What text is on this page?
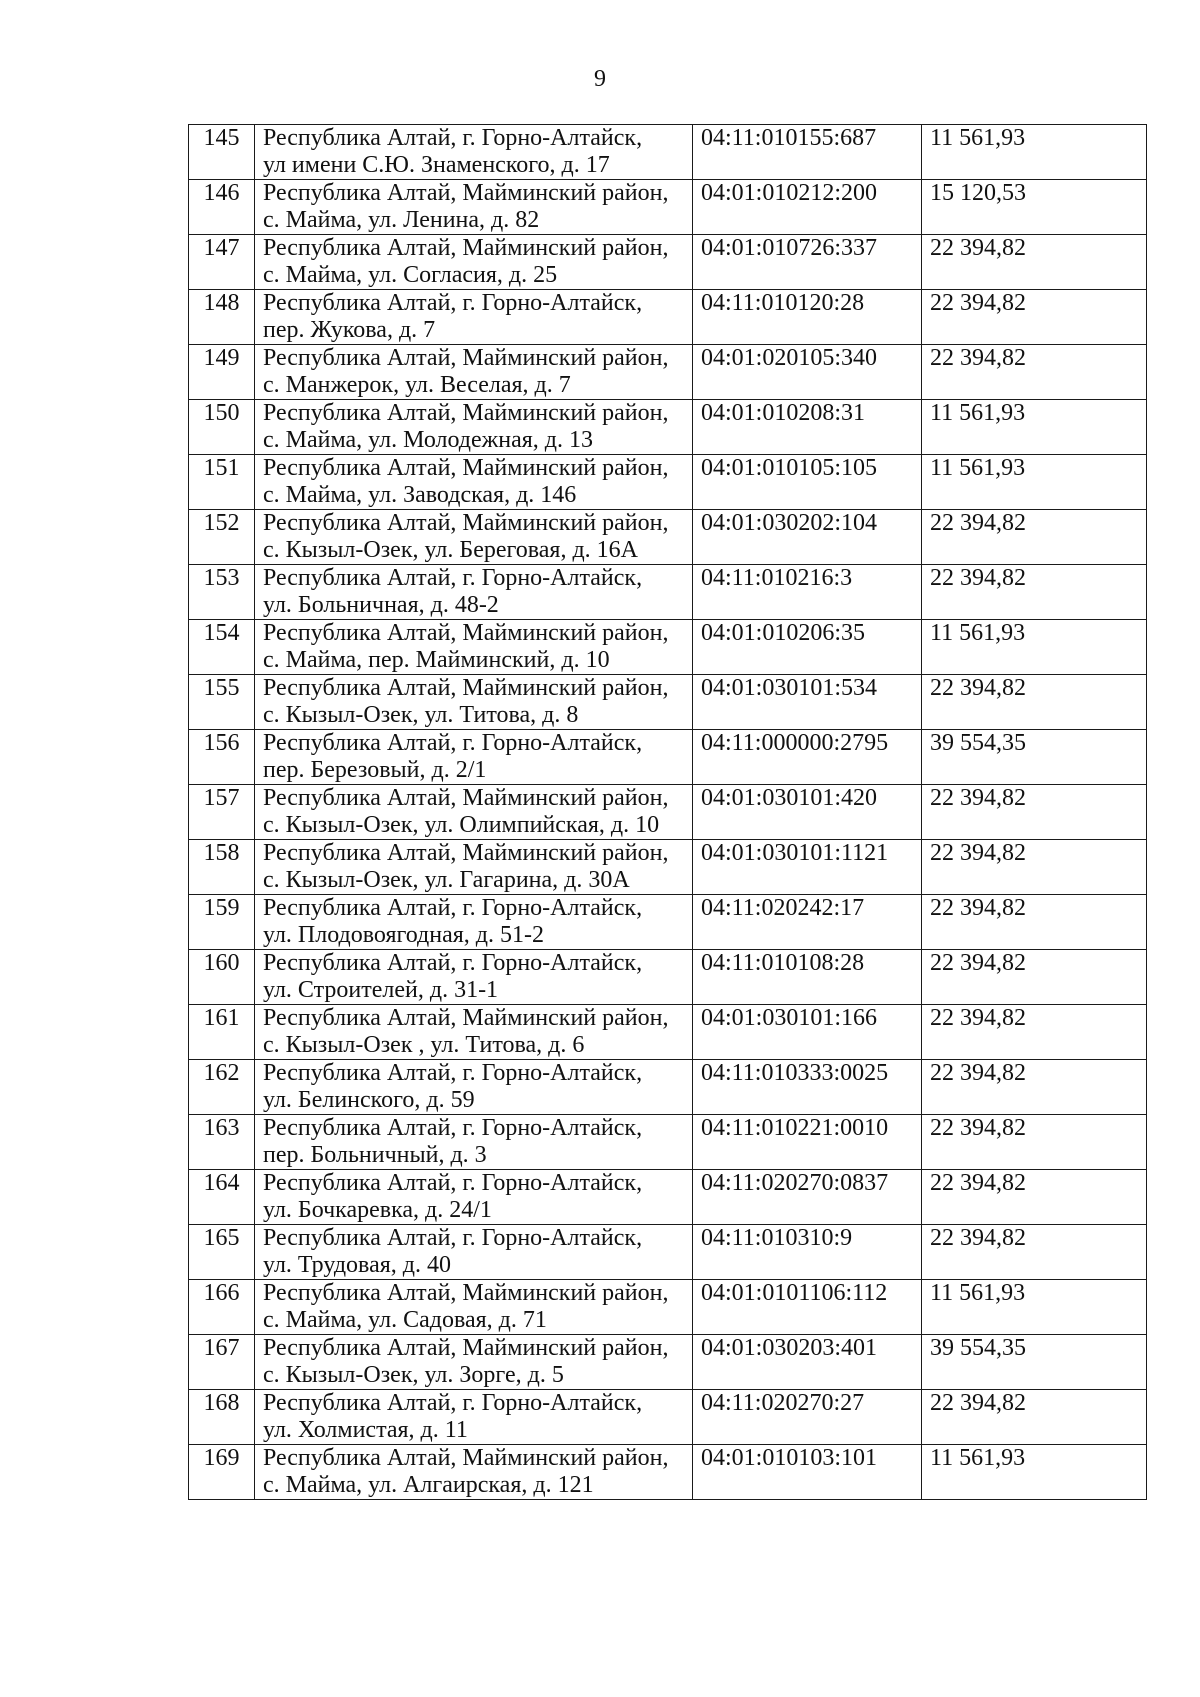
9
145	Республика Алтай, г. Горно-Алтайск,
ул имени С.Ю. Знаменского, д. 17	04:11:010155:687	11 561,93
146	Республика Алтай, Майминский район,
с. Майма, ул. Ленина, д. 82	04:01:010212:200	15 120,53
147	Республика Алтай, Майминский район,
с. Майма, ул. Согласия, д. 25	04:01:010726:337	22 394,82
148	Республика Алтай, г. Горно-Алтайск,
пер. Жукова, д. 7	04:11:010120:28	22 394,82
149	Республика Алтай, Майминский район,
с. Манжерок, ул. Веселая, д. 7	04:01:020105:340	22 394,82
150	Республика Алтай, Майминский район,
с. Майма, ул. Молодежная, д. 13	04:01:010208:31	11 561,93
151	Республика Алтай, Майминский район,
с. Майма, ул. Заводская, д. 146	04:01:010105:105	11 561,93
152	Республика Алтай, Майминский район,
с. Кызыл-Озек, ул. Береговая, д. 16А	04:01:030202:104	22 394,82
153	Республика Алтай, г. Горно-Алтайск,
ул. Больничная, д. 48-2	04:11:010216:3	22 394,82
154	Республика Алтай, Майминский район,
с. Майма, пер. Майминский, д. 10	04:01:010206:35	11 561,93
155	Республика Алтай, Майминский район,
с. Кызыл-Озек, ул. Титова, д. 8	04:01:030101:534	22 394,82
156	Республика Алтай, г. Горно-Алтайск,
пер. Березовый, д. 2/1	04:11:000000:2795	39 554,35
157	Республика Алтай, Майминский район,
с. Кызыл-Озек, ул. Олимпийская, д. 10	04:01:030101:420	22 394,82
158	Республика Алтай, Майминский район,
с. Кызыл-Озек, ул. Гагарина, д. 30А	04:01:030101:1121	22 394,82
159	Республика Алтай, г. Горно-Алтайск,
ул. Плодовоягодная, д. 51-2	04:11:020242:17	22 394,82
160	Республика Алтай, г. Горно-Алтайск,
ул. Строителей, д. 31-1	04:11:010108:28	22 394,82
161	Республика Алтай, Майминский район,
с. Кызыл-Озек , ул. Титова, д. 6	04:01:030101:166	22 394,82
162	Республика Алтай, г. Горно-Алтайск,
ул. Белинского, д. 59	04:11:010333:0025	22 394,82
163	Республика Алтай, г. Горно-Алтайск,
пер. Больничный, д. 3	04:11:010221:0010	22 394,82
164	Республика Алтай, г. Горно-Алтайск,
ул. Бочкаревка, д. 24/1	04:11:020270:0837	22 394,82
165	Республика Алтай, г. Горно-Алтайск,
ул. Трудовая, д. 40	04:11:010310:9	22 394,82
166	Республика Алтай, Майминский район,
с. Майма, ул. Садовая, д. 71	04:01:0101106:112	11 561,93
167	Республика Алтай, Майминский район,
с. Кызыл-Озек, ул. Зорге, д. 5	04:01:030203:401	39 554,35
168	Республика Алтай, г. Горно-Алтайск,
ул. Холмистая, д. 11	04:11:020270:27	22 394,82
169	Республика Алтай, Майминский район,
с. Майма, ул. Алгаирская, д. 121	04:01:010103:101	11 561,93
